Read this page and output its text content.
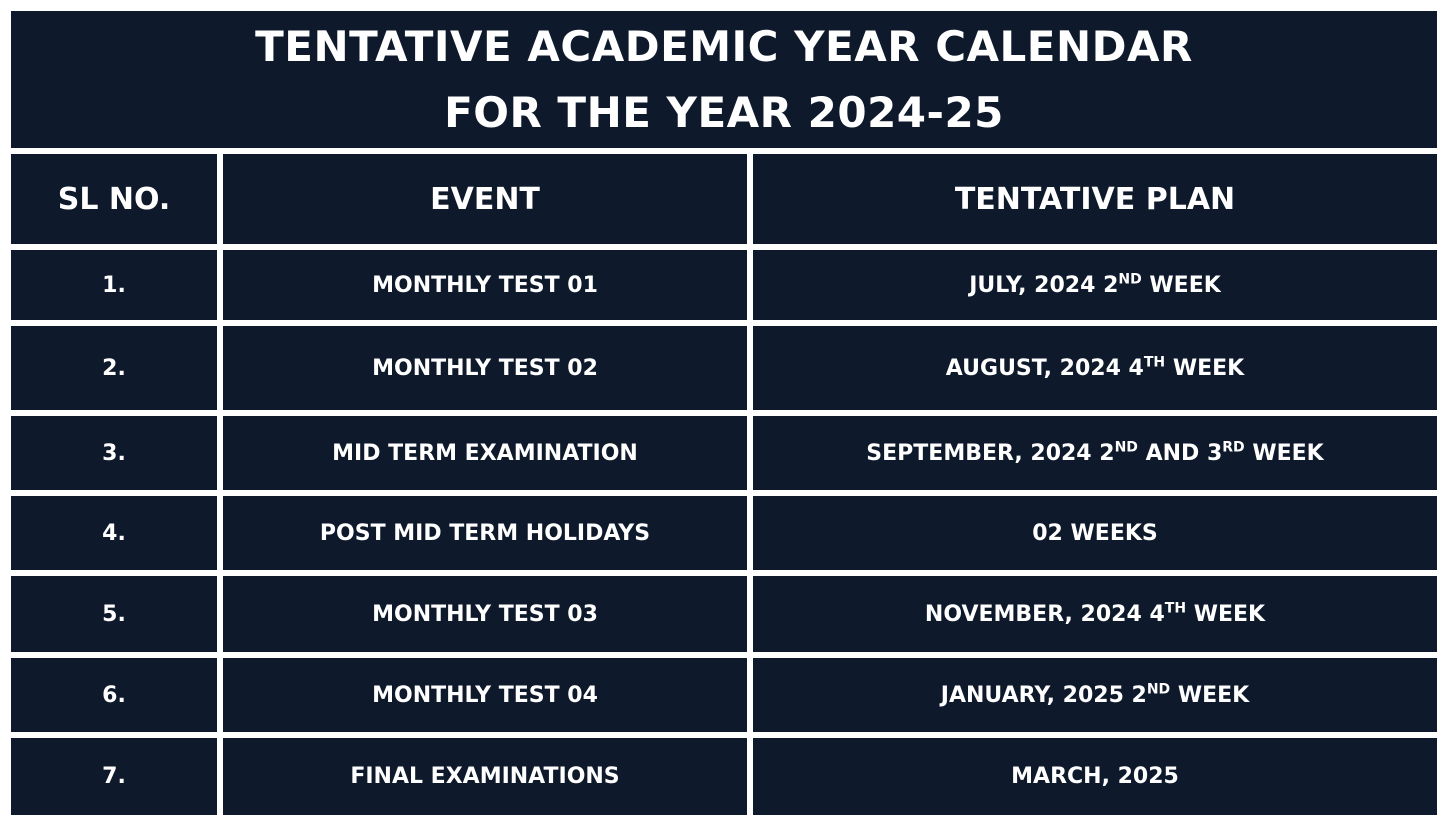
TENTATIVE ACADEMIC YEAR CALENDAR
FOR THE YEAR 2024-25
SL NO.	EVENT	TENTATIVE PLAN
1.	MONTHLY TEST 01	JULY, 2024 2ND WEEK
2.	MONTHLY TEST 02	AUGUST, 2024 4TH WEEK
3.	MID TERM EXAMINATION	SEPTEMBER, 2024 2ND AND 3RD WEEK
4.	POST MID TERM HOLIDAYS	02 WEEKS
5.	MONTHLY TEST 03	NOVEMBER, 2024 4TH WEEK
6.	MONTHLY TEST 04	JANUARY, 2025 2ND WEEK
7.	FINAL EXAMINATIONS	MARCH, 2025
